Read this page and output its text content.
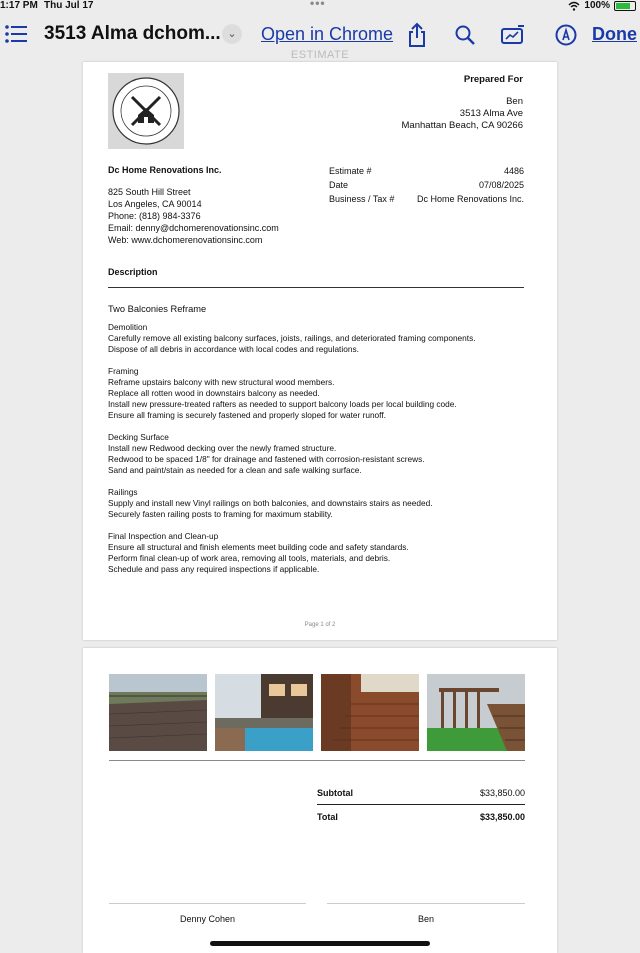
1:17 PM Thu Jul 17	•••	100%
3513 Alma dchom... ⌄ Open in Chrome	Done
ESTIMATE
Prepared For
Ben
3513 Alma Ave
Manhattan Beach, CA 90266
Dc Home Renovations Inc.
825 South Hill Street
Los Angeles, CA 90014
Phone: (818) 984-3376
Email: denny@dchomerenovationsinc.com
Web: www.dchomerenovationsinc.com
Estimate #	4486
Date	07/08/2025
Business / Tax #	Dc Home Renovations Inc.
Description
Two Balconies Reframe
Demolition
Carefully remove all existing balcony surfaces, joists, railings, and deteriorated framing components.
Dispose of all debris in accordance with local codes and regulations.
Framing
Reframe upstairs balcony with new structural wood members.
Replace all rotten wood in downstairs balcony as needed.
Install new pressure-treated rafters as needed to support balcony loads per local building code.
Ensure all framing is securely fastened and properly sloped for water runoff.
Decking Surface
Install new Redwood decking over the newly framed structure.
Redwood to be spaced 1/8" for drainage and fastened with corrosion-resistant screws.
Sand and paint/stain as needed for a clean and safe walking surface.
Railings
Supply and install new Vinyl railings on both balconies, and downstairs stairs as needed.
Securely fasten railing posts to framing for maximum stability.
Final Inspection and Clean-up
Ensure all structural and finish elements meet building code and safety standards.
Perform final clean-up of work area, removing all tools, materials, and debris.
Schedule and pass any required inspections if applicable.
Page 1 of 2
Subtotal	$33,850.00
Total	$33,850.00
Denny Cohen	Ben
